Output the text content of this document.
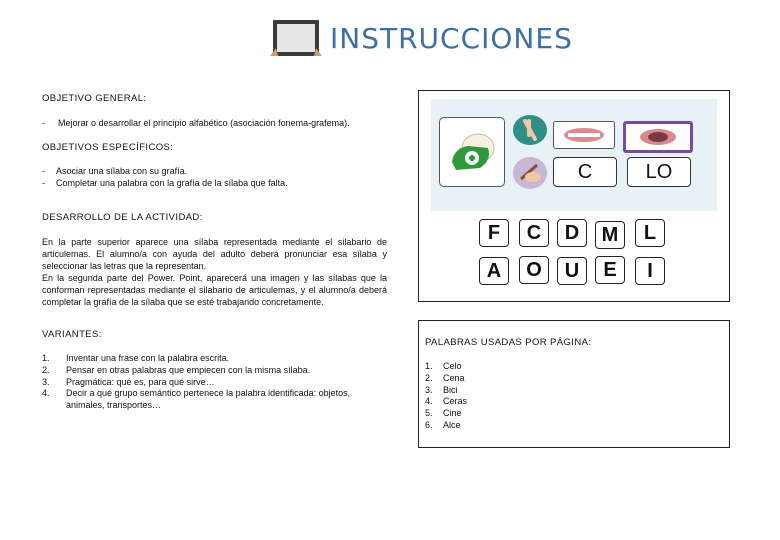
INSTRUCCIONES
OBJETIVO GENERAL:
-	Mejorar o desarrollar el principio alfabético (asociación fonema-grafema).
OBJETIVOS ESPECÍFICOS:
-	Asociar una sílaba con su grafía.
-	Completar una palabra con la grafía de la sílaba que falta.
DESARROLLO DE LA ACTIVIDAD:
En la parte superior aparece una sílaba representada mediante el silabario de articulemas. El alumno/a con ayuda del adulto deberá pronunciar esa sílaba y seleccionar las letras que la representan.
En la segunda parte del Power. Point, aparecerá una imagen y las sílabas que la conforman representadas mediante el silabario de articulemas, y el alumno/a deberá completar la grafía de la sílaba que se esté trabajando concretamente.
VARIANTES:
1.	Inventar una frase con la palabra escrita.
2.	Pensar en otras palabras que empiecen con la misma sílaba.
3.	Pragmática: qué es, para qué sirve…
4.	Decir a qué grupo semántico pertenece la palabra identificada: objetos, animales, transportes…
C	LO
F	C	D	M	L
A	O	U	E	I
PALABRAS USADAS POR PÁGINA:
1.	Celo
2.	Cena
3.	Bici
4.	Ceras
5.	Cine
6.	Alce
